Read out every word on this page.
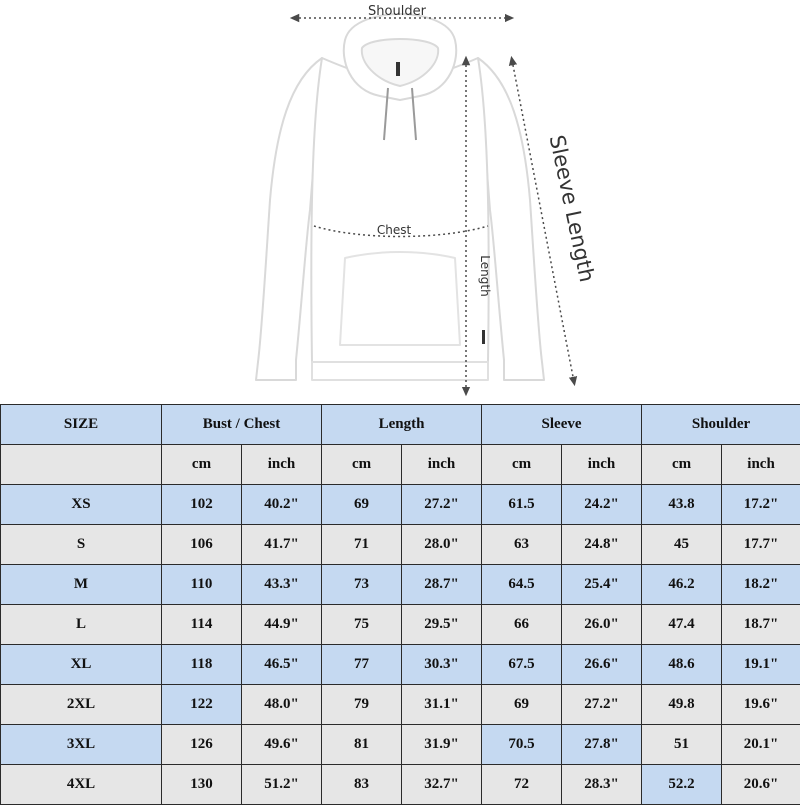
Shoulder
Chest
Length	Sleeve Length
SIZE	Bust / Chest		Length		Sleeve		Shoulder	
	cm	inch	cm	inch	cm	inch	cm	inch
XS	102	40.2"	69	27.2"	61.5	24.2"	43.8	17.2"
S	106	41.7"	71	28.0"	63	24.8"	45	17.7"
M	110	43.3"	73	28.7"	64.5	25.4"	46.2	18.2"
L	114	44.9"	75	29.5"	66	26.0"	47.4	18.7"
XL	118	46.5"	77	30.3"	67.5	26.6"	48.6	19.1"
2XL	122	48.0"	79	31.1"	69	27.2"	49.8	19.6"
3XL	126	49.6"	81	31.9"	70.5	27.8"	51	20.1"
4XL	130	51.2"	83	32.7"	72	28.3"	52.2	20.6"
